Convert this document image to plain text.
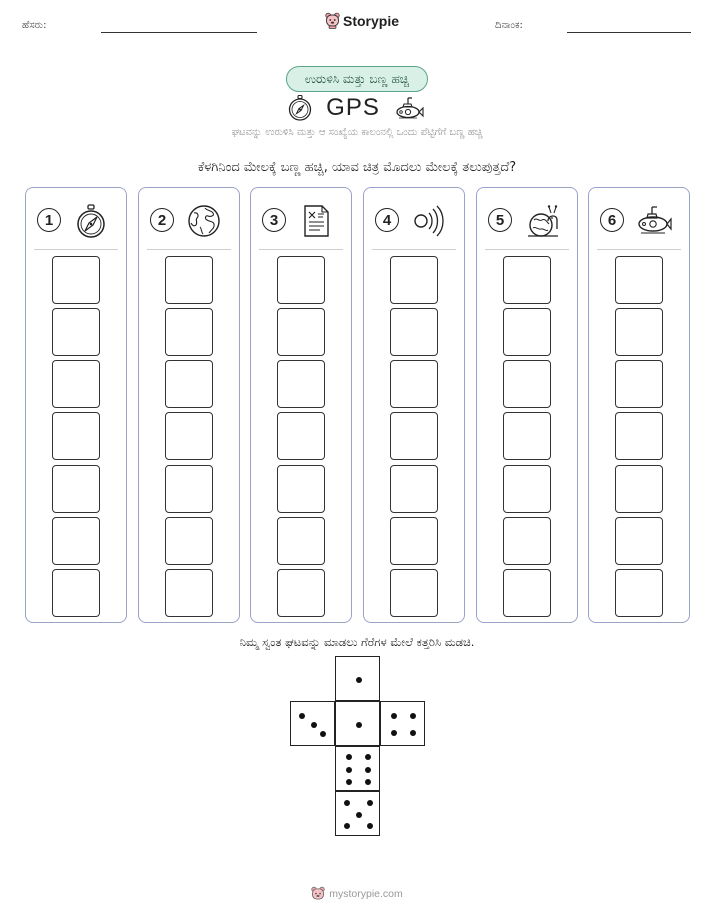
ಹೆಸರು:	Storypie	ದಿನಾಂಕ:
ಉರುಳಿಸಿ ಮತ್ತು ಬಣ್ಣ ಹಚ್ಚಿ
GPS
ಘಟವನ್ನು ಉರುಳಿಸಿ ಮತ್ತು ಆ ಸಂಖ್ಯೆಯ ಕಾಲಂನಲ್ಲಿ ಒಂದು ಪೆಟ್ಟಿಗೆಗೆ ಬಣ್ಣ ಹಚ್ಚಿ
ಕೆಳಗಿನಿಂದ ಮೇಲಕ್ಕೆ ಬಣ್ಣ ಹಚ್ಚಿ, ಯಾವ ಚಿತ್ರ ಮೊದಲು ಮೇಲಕ್ಕೆ ತಲುಪುತ್ತದೆ?
1	2	3	4	5	6
ನಿಮ್ಮ ಸ್ವಂತ ಘಟವನ್ನು ಮಾಡಲು ಗೆರೆಗಳ ಮೇಲೆ ಕತ್ತರಿಸಿ ಮಡಚಿ.
mystorypie.com
